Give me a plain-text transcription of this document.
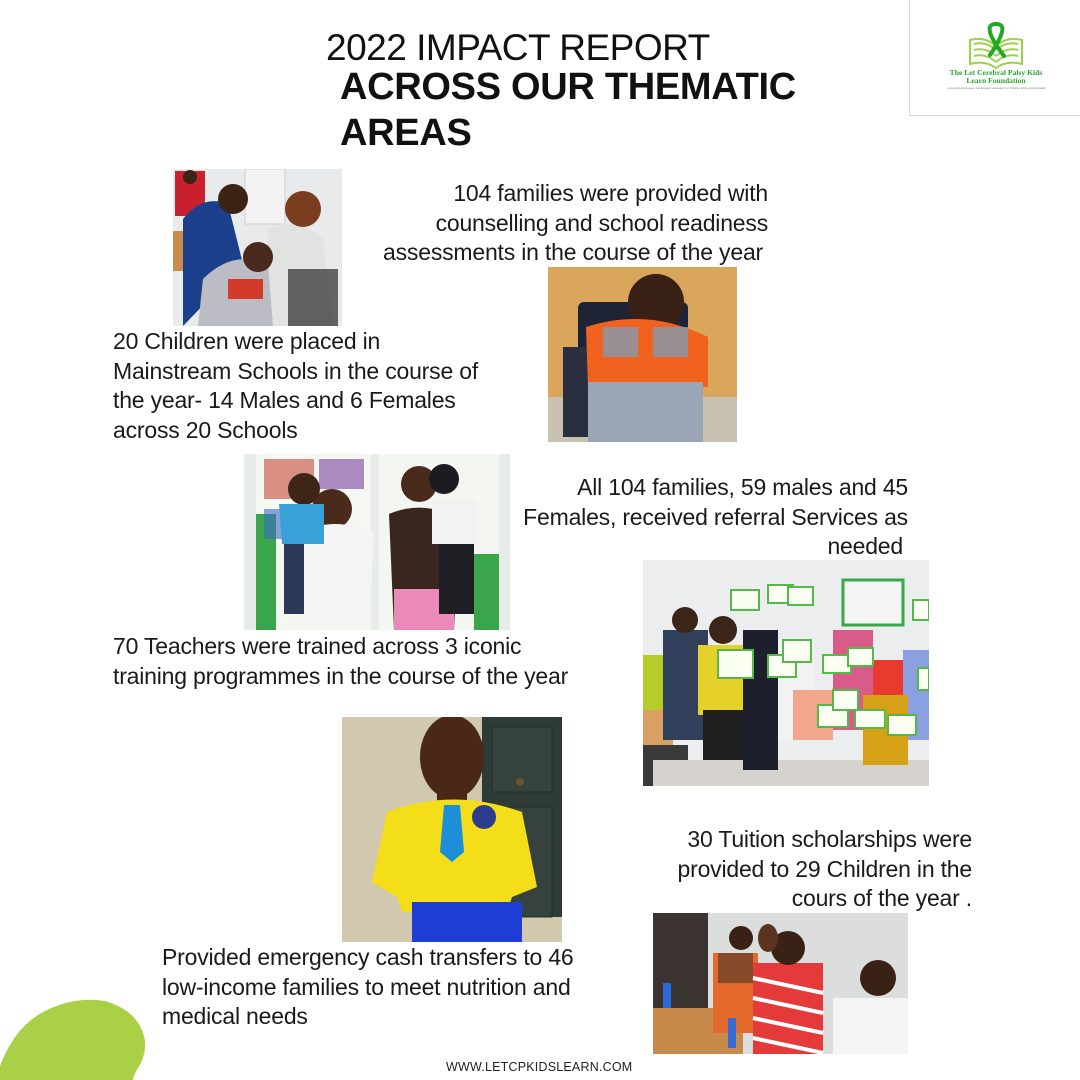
2022 IMPACT REPORT
ACROSS OUR THEMATIC AREAS
The Let Cerebral Palsy Kids
Learn Foundation
...promoting inclusive mainstream education for children with cerebral palsy
104 families were provided with
counselling and school readiness
assessments in the course of the year
20 Children were placed in
Mainstream Schools in the course of
the year- 14 Males and 6 Females
across 20 Schools
All 104 families, 59 males and 45
Females, received referral Services as
needed
70 Teachers were trained across 3 iconic
training programmes in the course of the year
30 Tuition scholarships were
provided to 29 Children in the
cours of the year .
Provided emergency cash transfers to 46
low-income families to meet nutrition and
medical needs
WWW.LETCPKIDSLEARN.COM
